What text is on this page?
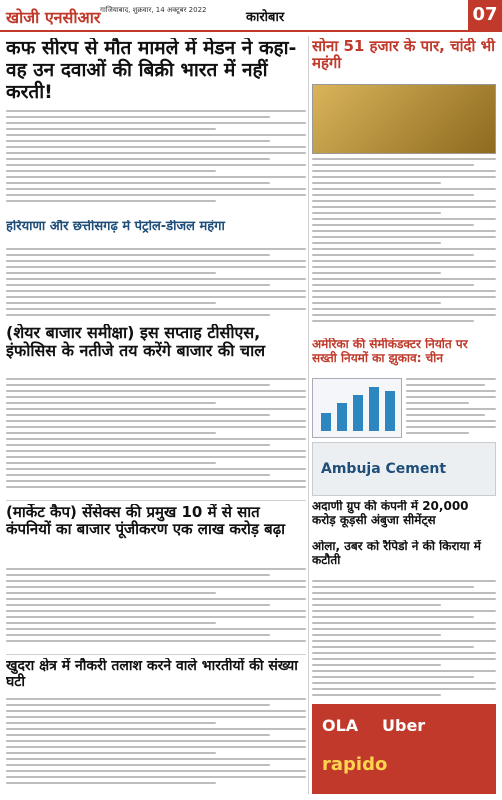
खोजी एनसीआर गाजियाबाद, शुक्रवार, 14 अक्टूबर 2022	कारोबार	07
कफ सीरप से मौत मामले में मेडन ने कहा- वह उन दवाओं की बिक्री भारत में नहीं करती!
हरियाणा और छत्तीसगढ़ में पेट्रोल-डीजल महंगा
(शेयर बाजार समीक्षा) इस सप्ताह टीसीएस, इंफोसिस के नतीजे तय करेंगे बाजार की चाल
सोना 51 हजार के पार, चांदी भी महंगी
अमेरिका की सेमीकंडक्टर निर्यात पर सख्ती नियमों का झुकाव: चीन
Ambuja Cement
अदाणी ग्रुप की कंपनी में 20,000 करोड़ कूड़सी अंबुजा सीमेंट्स
(मार्केट कैप) सेंसेक्स की प्रमुख 10 में से सात कंपनियों का बाजार पूंजीकरण एक लाख करोड़ बढ़ा
ओला, उबर को रैपिडो ने की किराया में कटौती
OLA Uber
rapido
खुदरा क्षेत्र में नौकरी तलाश करने वाले भारतीयों की संख्या घटी
